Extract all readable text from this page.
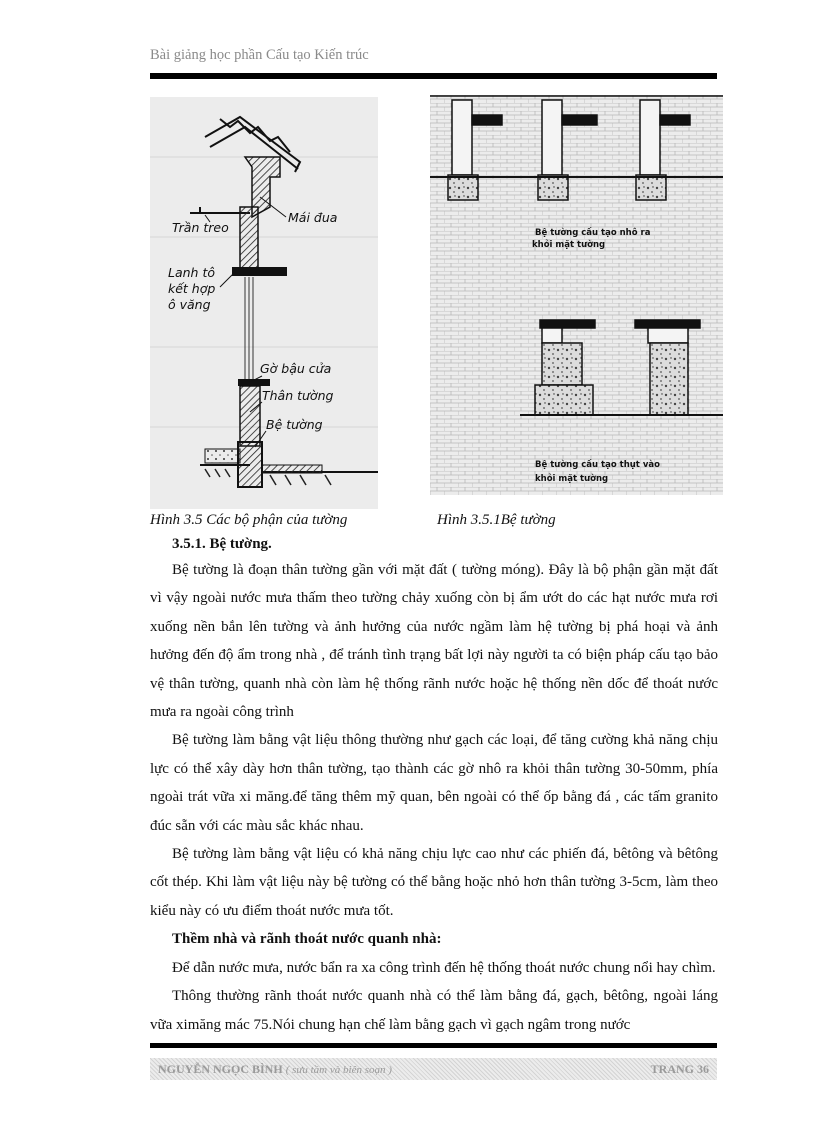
Bài giảng học phần Cấu tạo Kiến trúc
Mái đua
Trần treo
Lanh tô
kết hợp
ô văng
Gờ bậu cửa
Thân tường
Bệ tường
Bệ tường cấu tạo nhô ra
khỏi mặt tường
Bệ tường cấu tạo thụt vào
khỏi mặt tường
Hình 3.5 Các bộ phận của tường	Hình 3.5.1Bệ tường
3.5.1. Bệ tường.

Bệ tường là đoạn thân tường gần với mặt đất ( tường móng). Đây là bộ phận gần mặt đất vì vậy ngoài nước mưa thấm theo tường chảy xuống còn bị ẩm ướt do các hạt nước mưa rơi xuống nền bắn lên tường và ảnh hưởng của nước ngầm làm hệ tường bị phá hoại và ảnh hưởng đến độ ẩm trong nhà , để tránh tình trạng bất lợi này người ta có biện pháp cấu tạo bảo vệ thân tường, quanh nhà còn làm hệ thống rãnh nước hoặc hệ thống nền dốc để thoát nước mưa ra ngoài công trình

Bệ tường làm bằng vật liệu thông thường như gạch các loại, để tăng cường khả năng chịu lực có thể xây dày hơn thân tường, tạo thành các gờ nhô ra khỏi thân tường 30-50mm, phía ngoài trát vữa xi măng.để tăng thêm mỹ quan, bên ngoài có thể ốp bằng đá , các tấm granito đúc sẵn với các màu sắc khác nhau.

Bệ tường làm bằng vật liệu có khả năng chịu lực cao như các phiến đá, bêtông và bêtông cốt thép. Khi làm vật liệu này bệ tường có thể bằng hoặc nhỏ hơn thân tường 3-5cm, làm theo kiểu này có ưu điểm thoát nước mưa tốt.

Thềm nhà và rãnh thoát nước quanh nhà:

Để dẫn nước mưa, nước bẩn ra xa công trình đến hệ thống thoát nước chung nổi hay chìm.

Thông thường rãnh thoát nước quanh nhà có thể làm bằng đá, gạch, bêtông, ngoài láng vữa ximăng mác 75.Nói chung hạn chế làm bằng gạch vì gạch ngâm trong nước

NGUYỄN NGỌC BÌNH ( sưu tầm và biên soạn )	TRANG 36
